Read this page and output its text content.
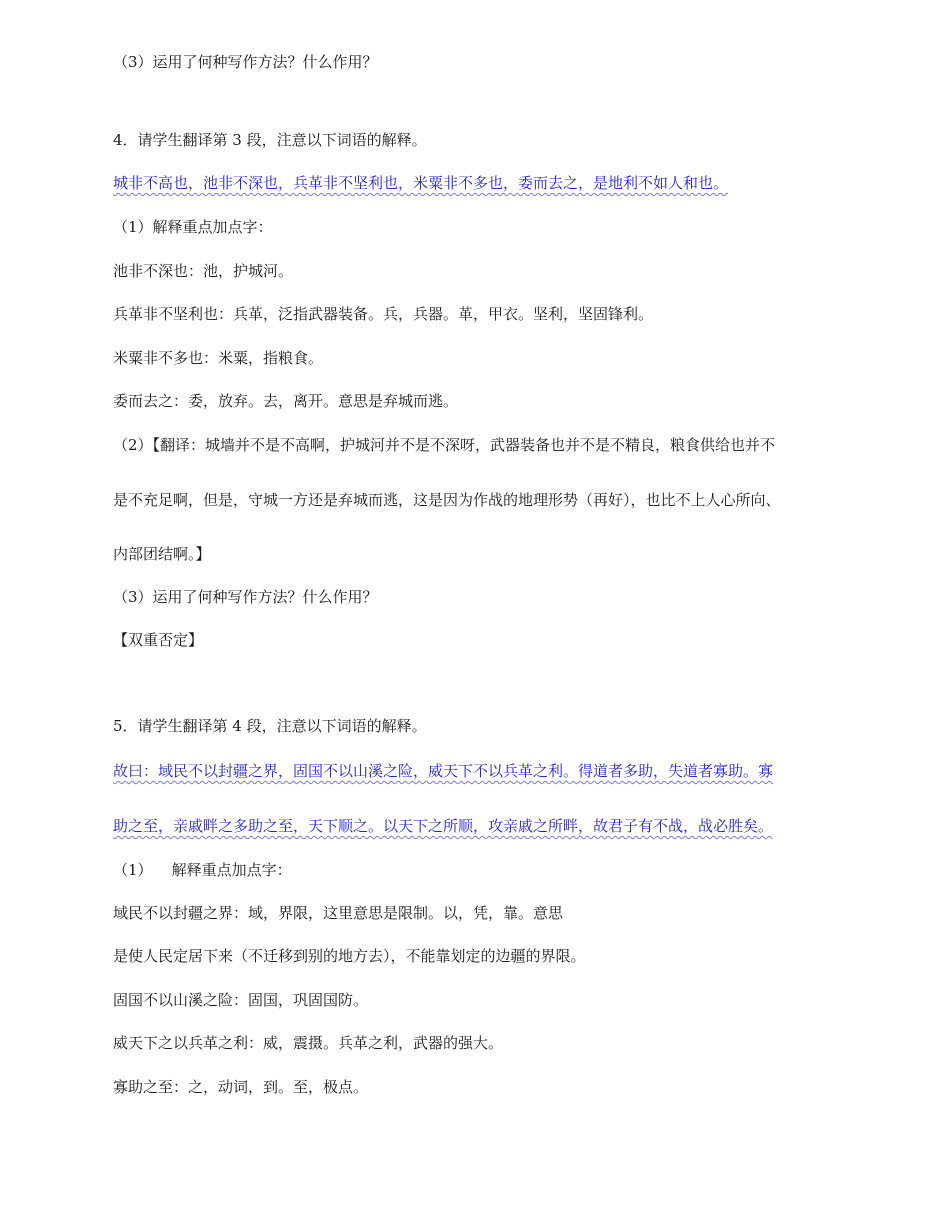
（3）运用了何种写作方法？什么作用？
4．请学生翻译第 3 段，注意以下词语的解释。
城非不高也，池非不深也，兵革非不坚利也，米粟非不多也，委而去之，是地利不如人和也。
（1）解释重点加点字：
池非不深也：池，护城河。
兵革非不坚利也：兵革，泛指武器装备。兵，兵器。革，甲衣。坚利，坚固锋利。
米粟非不多也：米粟，指粮食。
委而去之：委，放弃。去，离开。意思是弃城而逃。
（2）【翻译：城墙并不是不高啊，护城河并不是不深呀，武器装备也并不是不精良，粮食供给也并不
是不充足啊，但是，守城一方还是弃城而逃，这是因为作战的地理形势（再好），也比不上人心所向、
内部团结啊。】
（3）运用了何种写作方法？什么作用？
【双重否定】
5．请学生翻译第 4 段，注意以下词语的解释。
故曰：域民不以封疆之界，固国不以山溪之险，威天下不以兵革之利。得道者多助，失道者寡助。寡
助之至，亲戚畔之多助之至，天下顺之。以天下之所顺，攻亲戚之所畔，故君子有不战，战必胜矣。
（1）    解释重点加点字：
域民不以封疆之界：域，界限，这里意思是限制。以，凭，靠。意思
是使人民定居下来（不迁移到别的地方去），不能靠划定的边疆的界限。
固国不以山溪之险：固国，巩固国防。
威天下之以兵革之利：威，震摄。兵革之利，武器的强大。
寡助之至：之，动词，到。至，极点。
